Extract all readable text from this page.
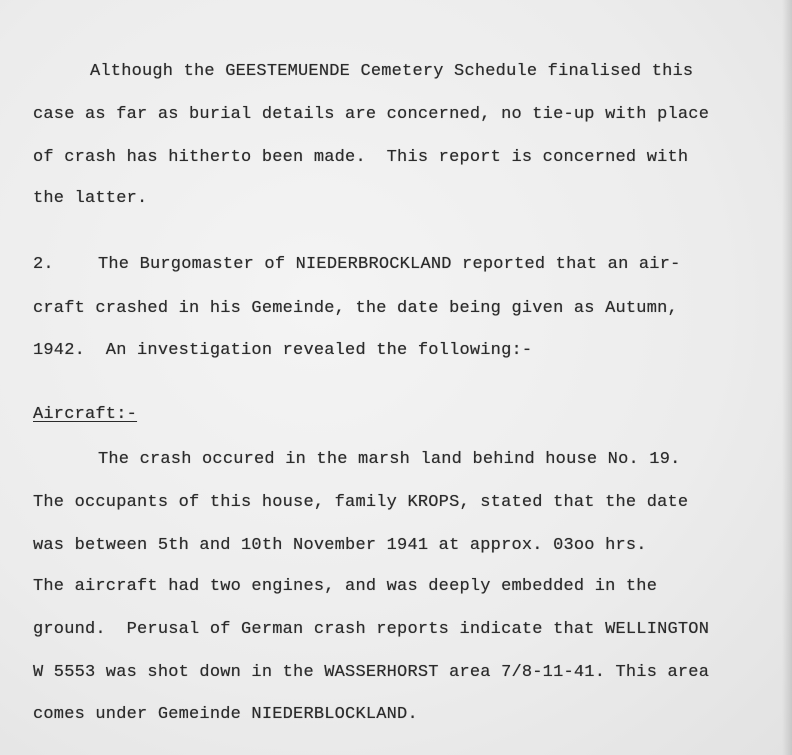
Although the GEESTEMUENDE Cemetery Schedule finalised this
case as far as burial details are concerned, no tie-up with place
of crash has hitherto been made.  This report is concerned with
the latter.
2.	The Burgomaster of NIEDERBROCKLAND reported that an air-
craft crashed in his Gemeinde, the date being given as Autumn,
1942.  An investigation revealed the following:-
Aircraft:-
The crash occured in the marsh land behind house No. 19.
The occupants of this house, family KROPS, stated that the date
was between 5th and 10th November 1941 at approx. 03oo hrs.
The aircraft had two engines, and was deeply embedded in the
ground.  Perusal of German crash reports indicate that WELLINGTON
W 5553 was shot down in the WASSERHORST area 7/8-11-41. This area
comes under Gemeinde NIEDERBLOCKLAND.
